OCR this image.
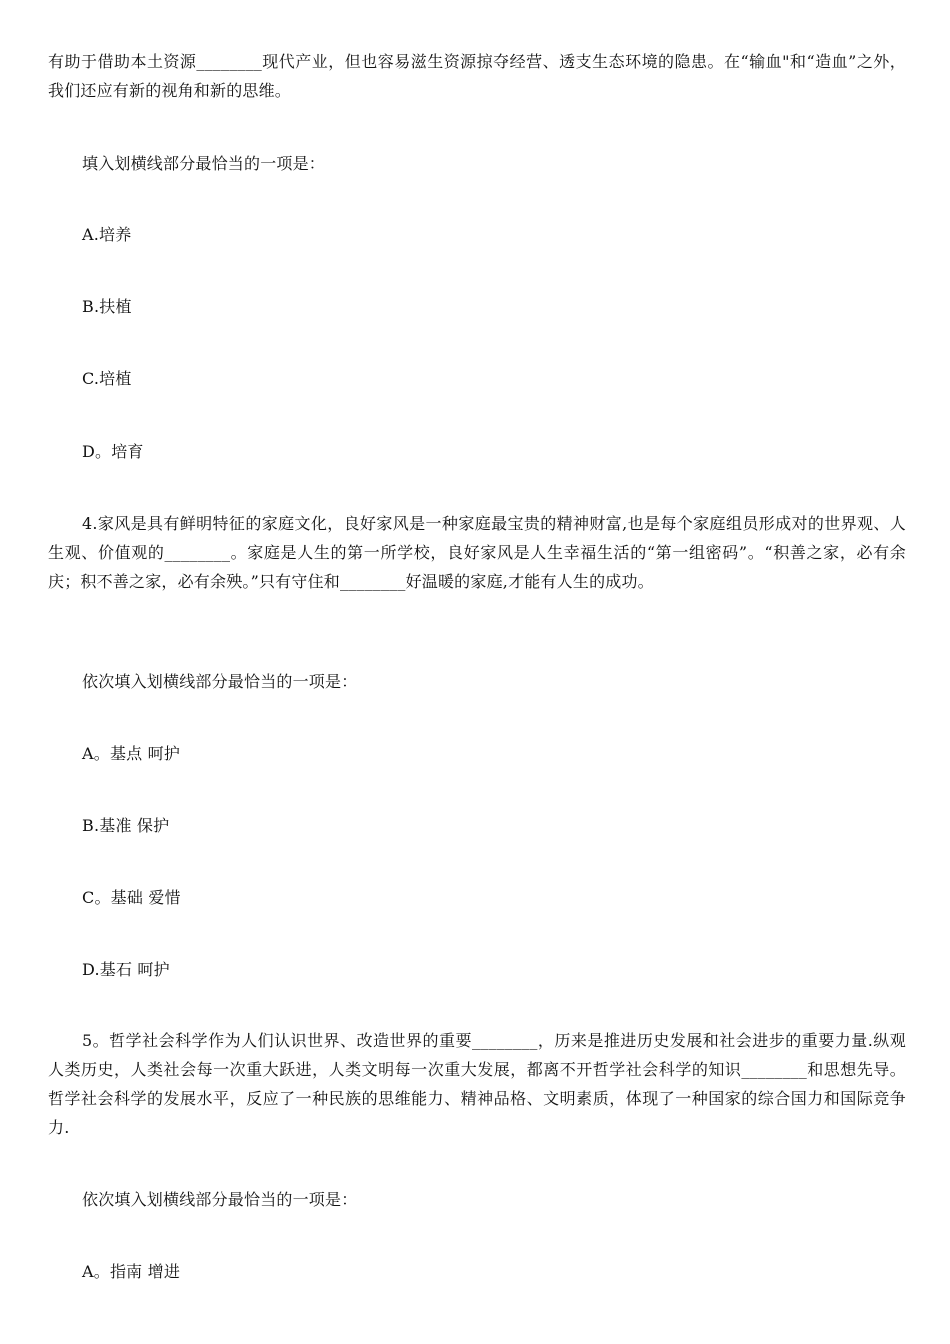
有助于借助本土资源________现代产业，但也容易滋生资源掠夺经营、透支生态环境的隐患。在“输血"和“造血”之外，我们还应有新的视角和新的思维。

填入划横线部分最恰当的一项是：

A.培养

B.扶植

C.培植

D。培育

4.家风是具有鲜明特征的家庭文化，良好家风是一种家庭最宝贵的精神财富,也是每个家庭组员形成对的世界观、人生观、价值观的________。家庭是人生的第一所学校，良好家风是人生幸福生活的“第一组密码”。“积善之家，必有余庆；积不善之家，必有余殃。”只有守住和________好温暖的家庭,才能有人生的成功。

依次填入划横线部分最恰当的一项是：

A。基点 呵护

B.基准 保护

C。基础 爱惜

D.基石 呵护

5。哲学社会科学作为人们认识世界、改造世界的重要________，历来是推进历史发展和社会进步的重要力量.纵观人类历史，人类社会每一次重大跃进，人类文明每一次重大发展，都离不开哲学社会科学的知识________和思想先导。哲学社会科学的发展水平，反应了一种民族的思维能力、精神品格、文明素质，体现了一种国家的综合国力和国际竞争力.

依次填入划横线部分最恰当的一项是：

A。指南 增进
